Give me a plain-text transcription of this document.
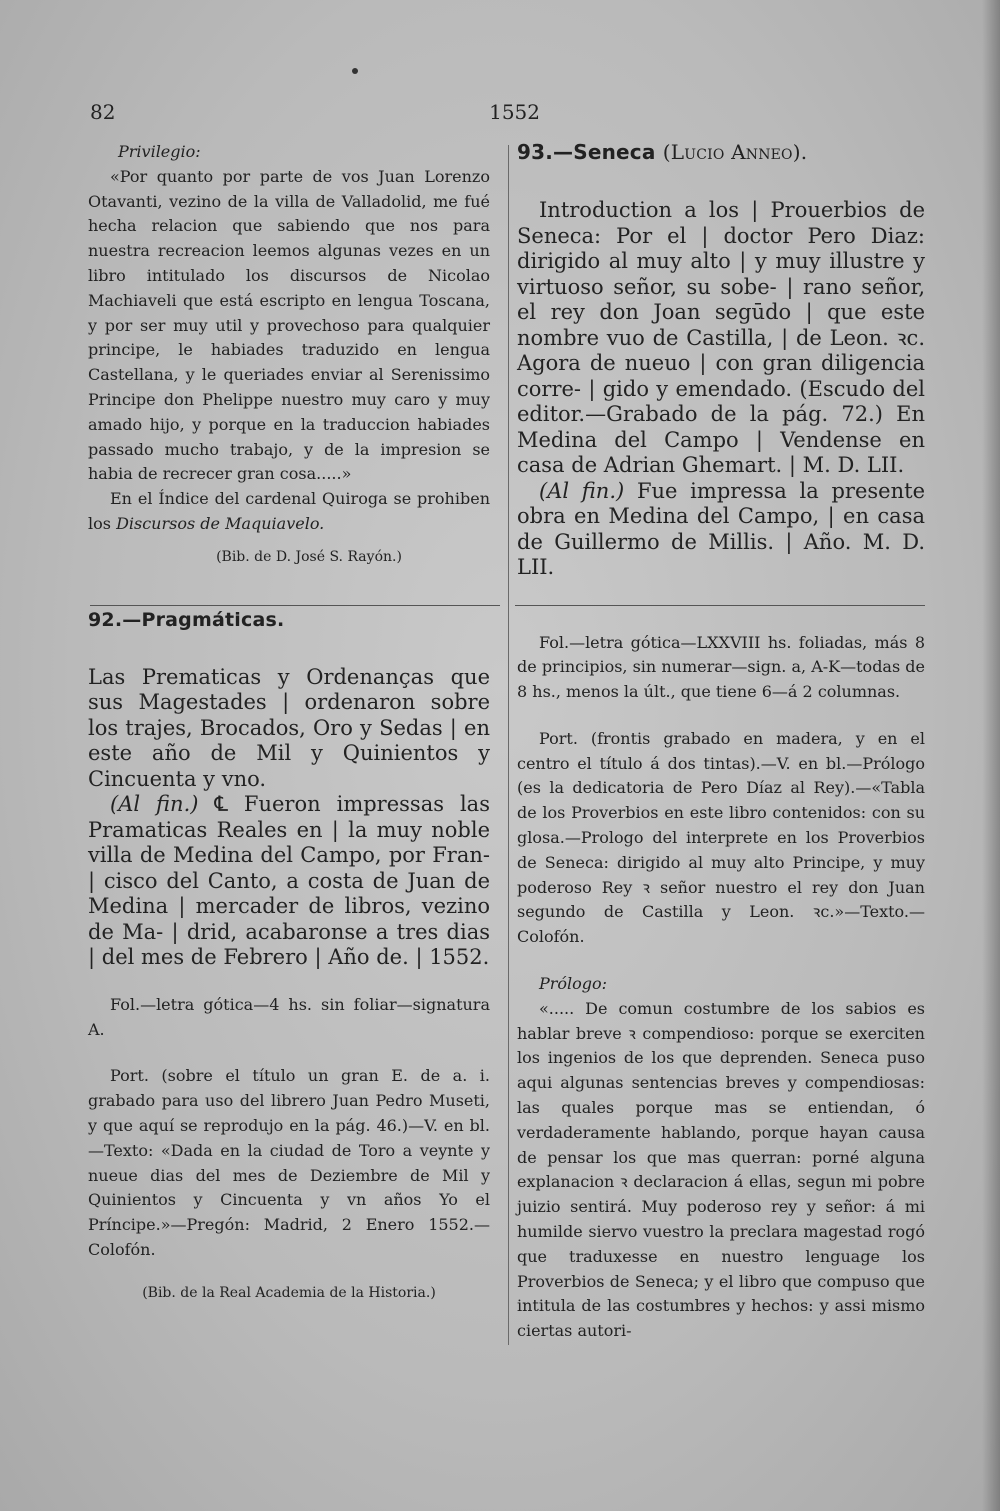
82	1552

Privilegio:

«Por quanto por parte de vos Juan Lorenzo Otavanti, vezino de la villa de Valladolid, me fué hecha relacion que sabiendo que nos para nuestra recreacion leemos algunas vezes en un libro intitulado los discursos de Nicolao Machiaveli que está escripto en lengua Toscana, y por ser muy util y provechoso para qualquier principe, le habiades traduzido en lengua Castellana, y le queriades enviar al Serenissimo Principe don Phelippe nuestro muy caro y muy amado hijo, y porque en la traduccion habiades passado mucho trabajo, y de la impresion se habia de recrecer gran cosa.....»

En el Índice del cardenal Quiroga se prohiben los Discursos de Maquiavelo.

(Bib. de D. José S. Rayón.)

92.—Pragmáticas.

Las Prematicas y Ordenanças que sus Magestades | ordenaron sobre los trajes, Brocados, Oro y Sedas | en este año de Mil y Quinientos y Cincuenta y vno.

(Al fin.) ℄ Fueron impressas las Pramaticas Reales en | la muy noble villa de Medina del Campo, por Fran- | cisco del Canto, a costa de Juan de Medina | mercader de libros, vezino de Ma- | drid, acabaronse a tres dias | del mes de Febrero | Año de. | 1552.

Fol.—letra gótica—4 hs. sin foliar—signatura A.

Port. (sobre el título un gran E. de a. i. grabado para uso del librero Juan Pedro Museti, y que aquí se reprodujo en la pág. 46.)—V. en bl.—Texto: «Dada en la ciudad de Toro a veynte y nueue dias del mes de Deziembre de Mil y Quinientos y Cincuenta y vn años Yo el Príncipe.»—Pregón: Madrid, 2 Enero 1552.—Colofón.

(Bib. de la Real Academia de la Historia.)

93.—Seneca (Lucio Anneo).

Introduction a los | Prouerbios de Seneca: Por el | doctor Pero Diaz: dirigido al muy alto | y muy illustre y virtuoso señor, su sobe- | rano señor, el rey don Joan segūdo | que este nombre vuo de Castilla, | de Leon. ꝛc. Agora de nueuo | con gran diligencia corre- | gido y emendado. (Escudo del editor.—Grabado de la pág. 72.) En Medina del Campo | Vendense en casa de Adrian Ghemart. | M. D. LII.

(Al fin.) Fue impressa la presente obra en Medina del Campo, | en casa de Guillermo de Millis. | Año. M. D. LII.

Fol.—letra gótica—LXXVIII hs. foliadas, más 8 de principios, sin numerar—sign. a, A-K—todas de 8 hs., menos la últ., que tiene 6—á 2 columnas.

Port. (frontis grabado en madera, y en el centro el título á dos tintas).—V. en bl.—Prólogo (es la dedicatoria de Pero Díaz al Rey).—«Tabla de los Proverbios en este libro contenidos: con su glosa.—Prologo del interprete en los Proverbios de Seneca: dirigido al muy alto Principe, y muy poderoso Rey ꝛ señor nuestro el rey don Juan segundo de Castilla y Leon. ꝛc.»—Texto.—Colofón.

Prólogo:

«..... De comun costumbre de los sabios es hablar breve ꝛ compendioso: porque se exerciten los ingenios de los que deprenden. Seneca puso aqui algunas sentencias breves y compendiosas: las quales porque mas se entiendan, ó verdaderamente hablando, porque hayan causa de pensar los que mas querran: porné alguna explanacion ꝛ declaracion á ellas, segun mi pobre juizio sentirá. Muy poderoso rey y señor: á mi humilde siervo vuestro la preclara magestad rogó que traduxesse en nuestro lenguage los Proverbios de Seneca; y el libro que compuso que intitula de las costumbres y hechos: y assi mismo ciertas autori-
